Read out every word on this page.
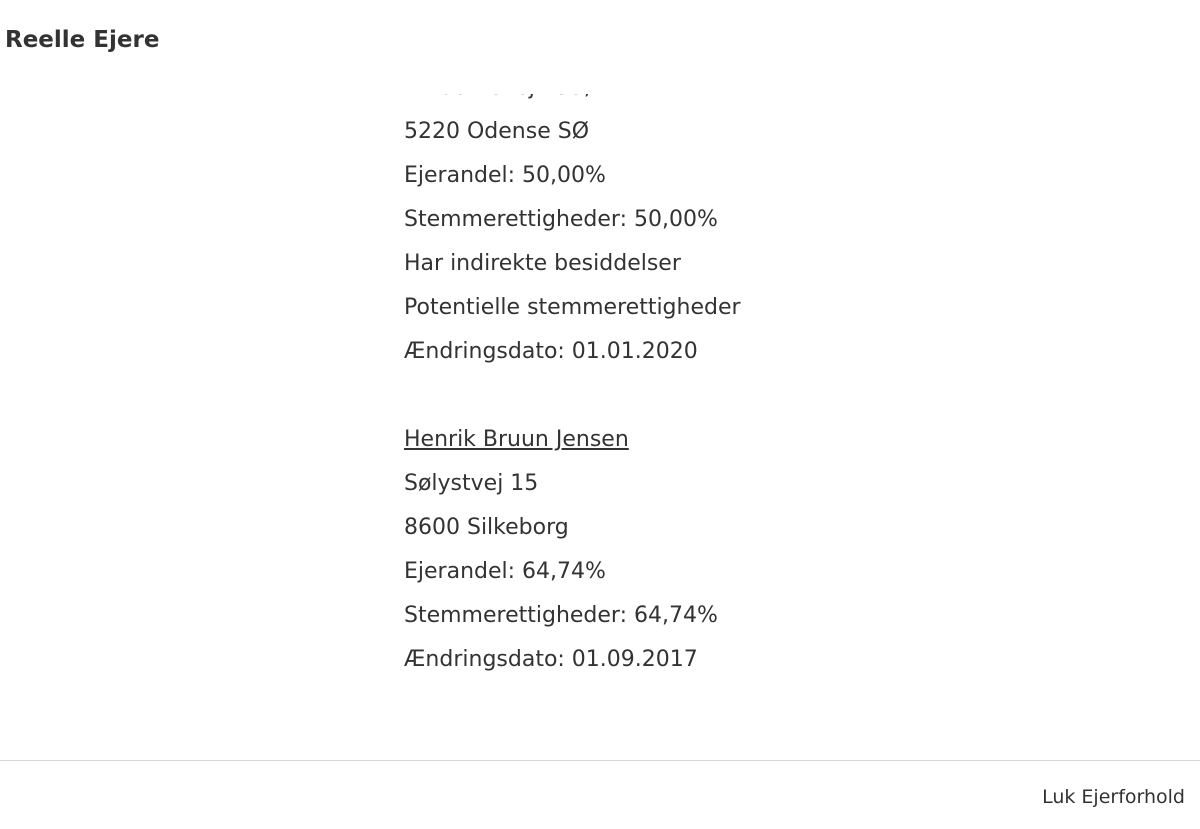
Reelle Ejere
5220 Odense SØ
Ejerandel: 50,00%
Stemmerettigheder: 50,00%
Har indirekte besiddelser
Potentielle stemmerettigheder
Ændringsdato: 01.01.2020
Henrik Bruun Jensen
Sølystvej 15
8600 Silkeborg
Ejerandel: 64,74%
Stemmerettigheder: 64,74%
Ændringsdato: 01.09.2017
Luk Ejerforhold
